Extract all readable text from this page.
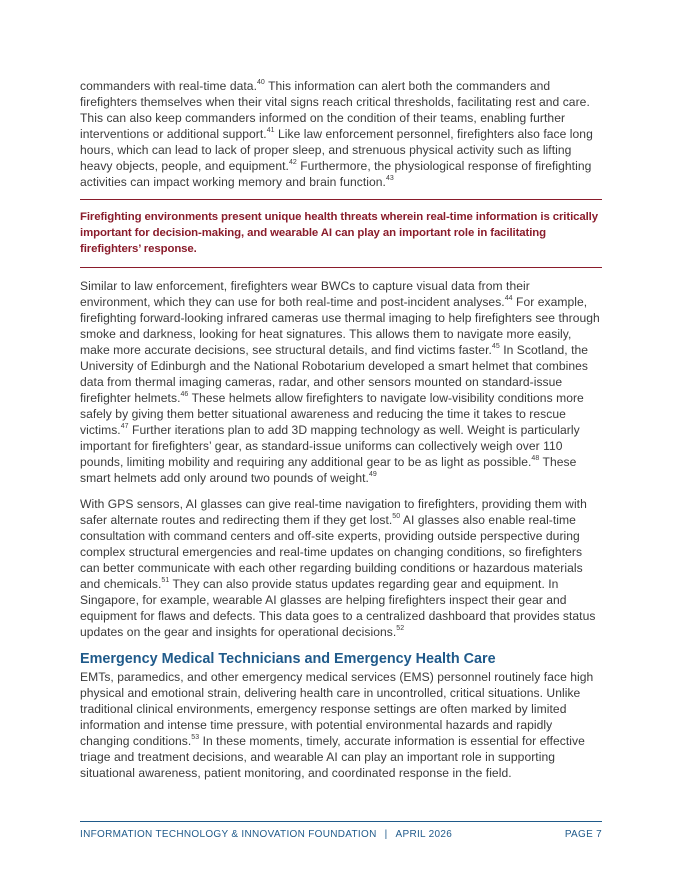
commanders with real-time data.$^{40}$ This information can alert both the commanders and firefighters themselves when their vital signs reach critical thresholds, facilitating rest and care. This can also keep commanders informed on the condition of their teams, enabling further interventions or additional support.$^{41}$ Like law enforcement personnel, firefighters also face long hours, which can lead to lack of proper sleep, and strenuous physical activity such as lifting heavy objects, people, and equipment.$^{42}$ Furthermore, the physiological response of firefighting activities can impact working memory and brain function.$^{43}$

Firefighting environments present unique health threats wherein real-time information is critically important for decision-making, and wearable AI can play an important role in facilitating firefighters’ response.

Similar to law enforcement, firefighters wear BWCs to capture visual data from their environment, which they can use for both real-time and post-incident analyses.$^{44}$ For example, firefighting forward-looking infrared cameras use thermal imaging to help firefighters see through smoke and darkness, looking for heat signatures. This allows them to navigate more easily, make more accurate decisions, see structural details, and find victims faster.$^{45}$ In Scotland, the University of Edinburgh and the National Robotarium developed a smart helmet that combines data from thermal imaging cameras, radar, and other sensors mounted on standard-issue firefighter helmets.$^{46}$ These helmets allow firefighters to navigate low-visibility conditions more safely by giving them better situational awareness and reducing the time it takes to rescue victims.$^{47}$ Further iterations plan to add 3D mapping technology as well. Weight is particularly important for firefighters’ gear, as standard-issue uniforms can collectively weigh over 110 pounds, limiting mobility and requiring any additional gear to be as light as possible.$^{48}$ These smart helmets add only around two pounds of weight.$^{49}$

With GPS sensors, AI glasses can give real-time navigation to firefighters, providing them with safer alternate routes and redirecting them if they get lost.$^{50}$ AI glasses also enable real-time consultation with command centers and off-site experts, providing outside perspective during complex structural emergencies and real-time updates on changing conditions, so firefighters can better communicate with each other regarding building conditions or hazardous materials and chemicals.$^{51}$ They can also provide status updates regarding gear and equipment. In Singapore, for example, wearable AI glasses are helping firefighters inspect their gear and equipment for flaws and defects. This data goes to a centralized dashboard that provides status updates on the gear and insights for operational decisions.$^{52}$

Emergency Medical Technicians and Emergency Health Care

EMTs, paramedics, and other emergency medical services (EMS) personnel routinely face high physical and emotional strain, delivering health care in uncontrolled, critical situations. Unlike traditional clinical environments, emergency response settings are often marked by limited information and intense time pressure, with potential environmental hazards and rapidly changing conditions.$^{53}$ In these moments, timely, accurate information is essential for effective triage and treatment decisions, and wearable AI can play an important role in supporting situational awareness, patient monitoring, and coordinated response in the field.

INFORMATION TECHNOLOGY & INNOVATION FOUNDATION | APRIL 2026	PAGE 7
